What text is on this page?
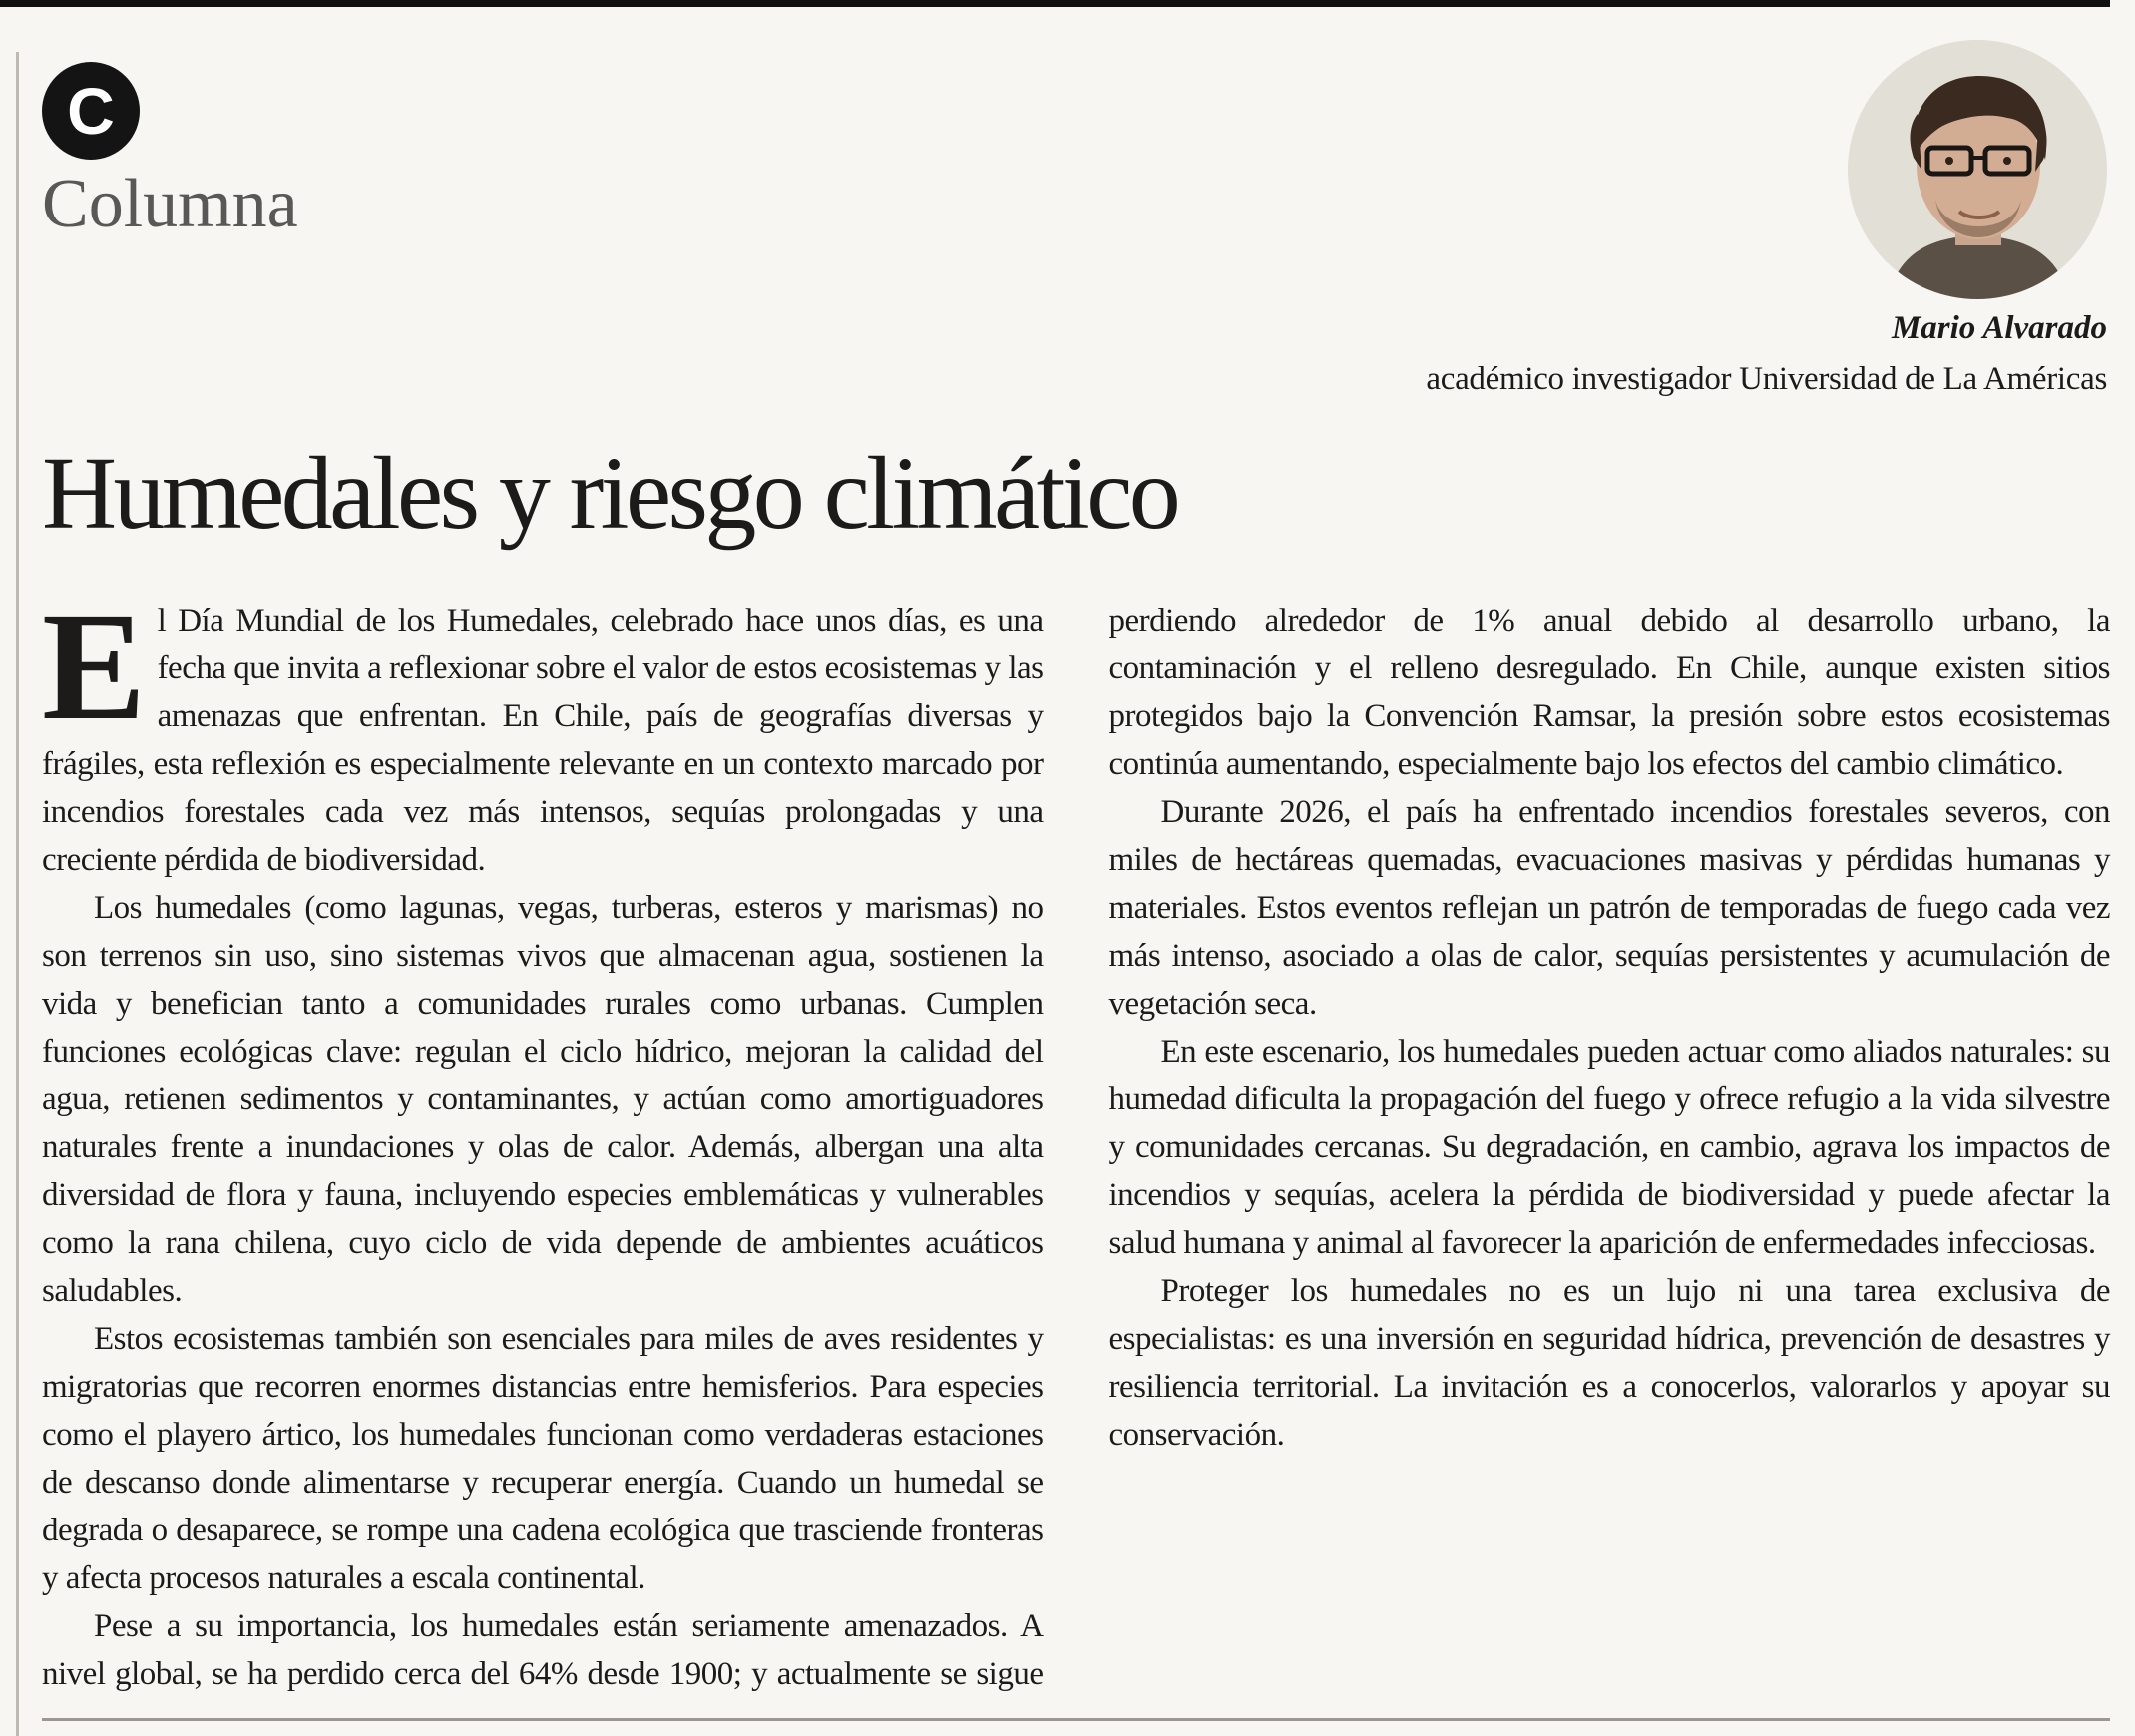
C
Columna
Mario Alvarado
académico investigador Universidad de La Américas
Humedales y riesgo climático

El Día Mundial de los Humedales, celebrado hace unos días, es una fecha que invita a reflexionar sobre el valor de estos ecosistemas y las amenazas que enfrentan. En Chile, país de geografías diversas y frágiles, esta reflexión es especialmente relevante en un contexto marcado por incendios forestales cada vez más intensos, sequías prolongadas y una creciente pérdida de biodiversidad.

Los humedales (como lagunas, vegas, turberas, esteros y marismas) no son terrenos sin uso, sino sistemas vivos que almacenan agua, sostienen la vida y benefician tanto a comunidades rurales como urbanas. Cumplen funciones ecológicas clave: regulan el ciclo hídrico, mejoran la calidad del agua, retienen sedimentos y contaminantes, y actúan como amortiguadores naturales frente a inundaciones y olas de calor. Además, albergan una alta diversidad de flora y fauna, incluyendo especies emblemáticas y vulnerables como la rana chilena, cuyo ciclo de vida depende de ambientes acuáticos saludables.

Estos ecosistemas también son esenciales para miles de aves residentes y migratorias que recorren enormes distancias entre hemisferios. Para especies como el playero ártico, los humedales funcionan como verdaderas estaciones de descanso donde alimentarse y recuperar energía. Cuando un humedal se degrada o desaparece, se rompe una cadena ecológica que trasciende fronteras y afecta procesos naturales a escala continental.

Pese a su importancia, los humedales están seriamente amenazados. A nivel global, se ha perdido cerca del 64% desde 1900; y actualmente se sigue perdiendo alrededor de 1% anual debido al desarrollo urbano, la contaminación y el relleno desregulado. En Chile, aunque existen sitios protegidos bajo la Convención Ramsar, la presión sobre estos ecosistemas continúa aumentando, especialmente bajo los efectos del cambio climático.

Durante 2026, el país ha enfrentado incendios forestales severos, con miles de hectáreas quemadas, evacuaciones masivas y pérdidas humanas y materiales. Estos eventos reflejan un patrón de temporadas de fuego cada vez más intenso, asociado a olas de calor, sequías persistentes y acumulación de vegetación seca.

En este escenario, los humedales pueden actuar como aliados naturales: su humedad dificulta la propagación del fuego y ofrece refugio a la vida silvestre y comunidades cercanas. Su degradación, en cambio, agrava los impactos de incendios y sequías, acelera la pérdida de biodiversidad y puede afectar la salud humana y animal al favorecer la aparición de enfermedades infecciosas.

Proteger los humedales no es un lujo ni una tarea exclusiva de especialistas: es una inversión en seguridad hídrica, prevención de desastres y resiliencia territorial. La invitación es a conocerlos, valorarlos y apoyar su conservación.
